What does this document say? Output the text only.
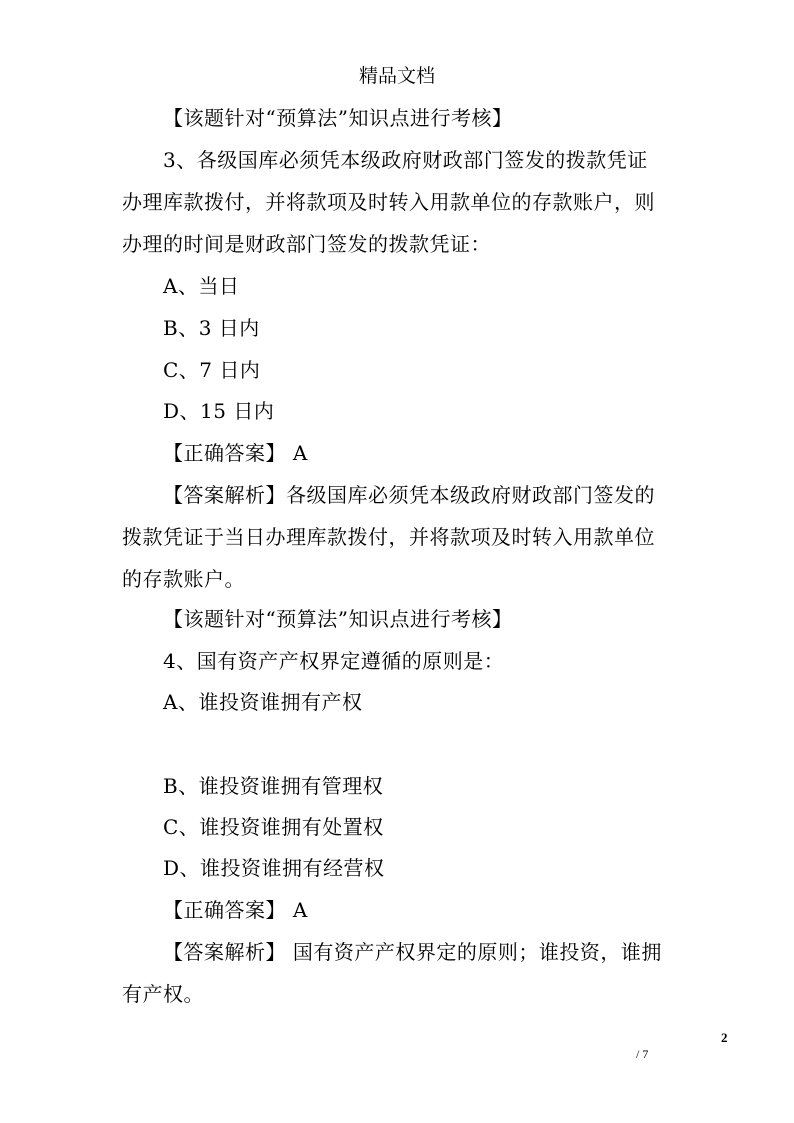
精品文档
【该题针对“预算法”知识点进行考核】
3、各级国库必须凭本级政府财政部门签发的拨款凭证
办理库款拨付，并将款项及时转入用款单位的存款账户，则
办理的时间是财政部门签发的拨款凭证：
A、当日
B、3 日内
C、7 日内
D、15 日内
【正确答案】 A
【答案解析】各级国库必须凭本级政府财政部门签发的
拨款凭证于当日办理库款拨付，并将款项及时转入用款单位
的存款账户。
【该题针对“预算法”知识点进行考核】
4、国有资产产权界定遵循的原则是：
A、谁投资谁拥有产权
B、谁投资谁拥有管理权
C、谁投资谁拥有处置权
D、谁投资谁拥有经营权
【正确答案】 A
【答案解析】 国有资产产权界定的原则；谁投资，谁拥
有产权。
2
/ 7
